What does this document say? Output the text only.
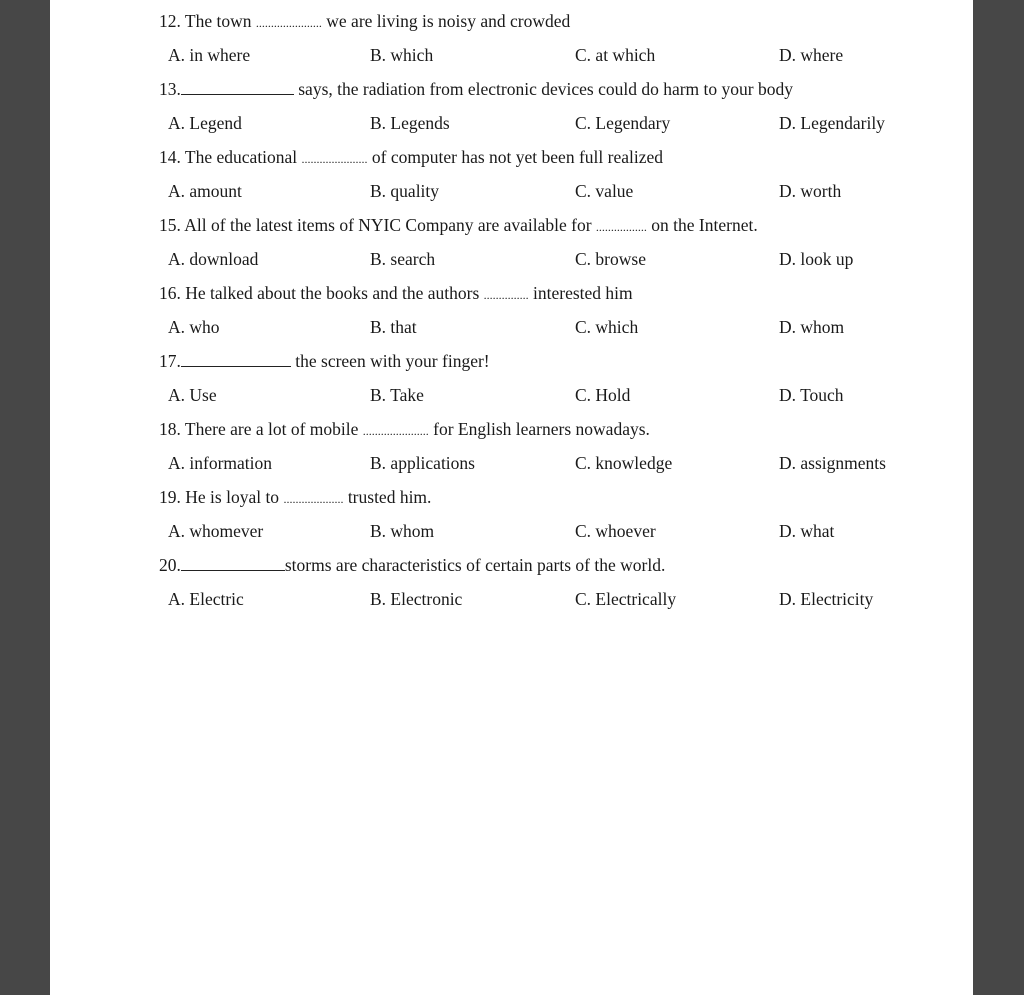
12. The town ...................... we are living is noisy and crowded
A. in where	B. which	C. at which	D. where
13.	says, the radiation from electronic devices could do harm to your body
A. Legend	B. Legends	C. Legendary	D. Legendarily
14. The educational ...................... of computer has not yet been full realized
A. amount	B. quality	C. value	D. worth
15. All of the latest items of NYIC Company are available for ................. on the Internet.
A. download	B. search	C. browse	D. look up
16. He talked about the books and the authors ............... interested him
A. who	B. that	C. which	D. whom
17.	the screen with your finger!
A. Use	B. Take	C. Hold	D. Touch
18. There are a lot of mobile ...................... for English learners nowadays.
A. information	B. applications	C. knowledge	D. assignments
19. He is loyal to .................... trusted him.
A. whomever	B. whom	C. whoever	D. what
20.	storms are characteristics of certain parts of the world.
A. Electric	B. Electronic	C. Electrically	D. Electricity
